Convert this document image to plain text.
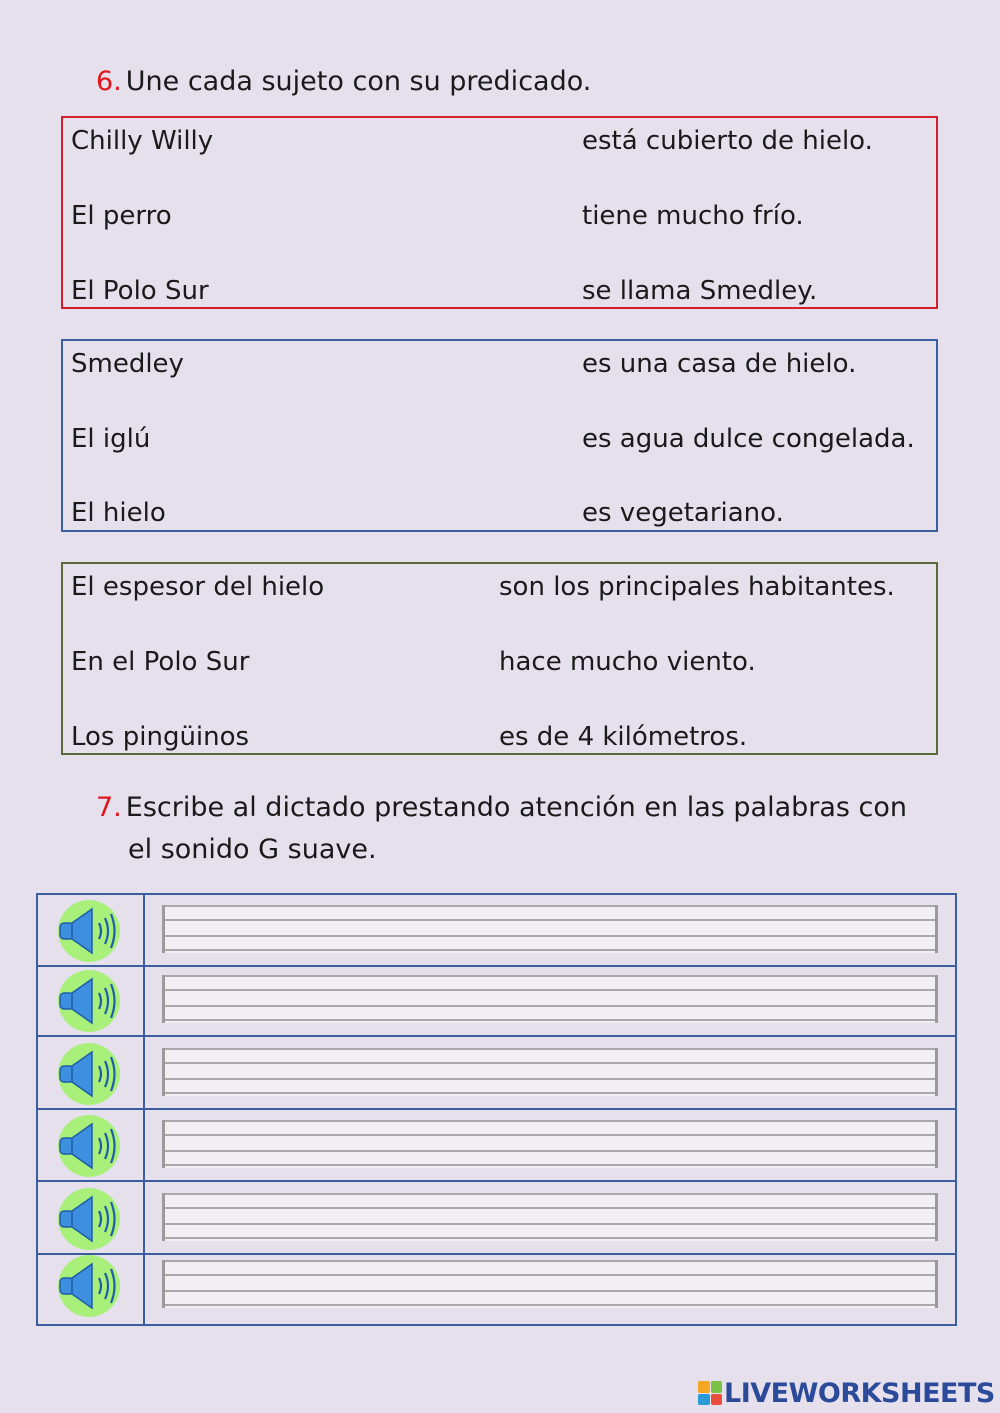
6. Une cada sujeto con su predicado.
Chilly Willy
El perro
El Polo Sur
está cubierto de hielo.
tiene mucho frío.
se llama Smedley.
Smedley
El iglú
El hielo
es una casa de hielo.
es agua dulce congelada.
es vegetariano.
El espesor del hielo
En el Polo Sur
Los pingüinos
son los principales habitantes.
hace mucho viento.
es de 4 kilómetros.
7. Escribe al dictado prestando atención en las palabras con
el sonido G suave.
LIVEWORKSHEETS
